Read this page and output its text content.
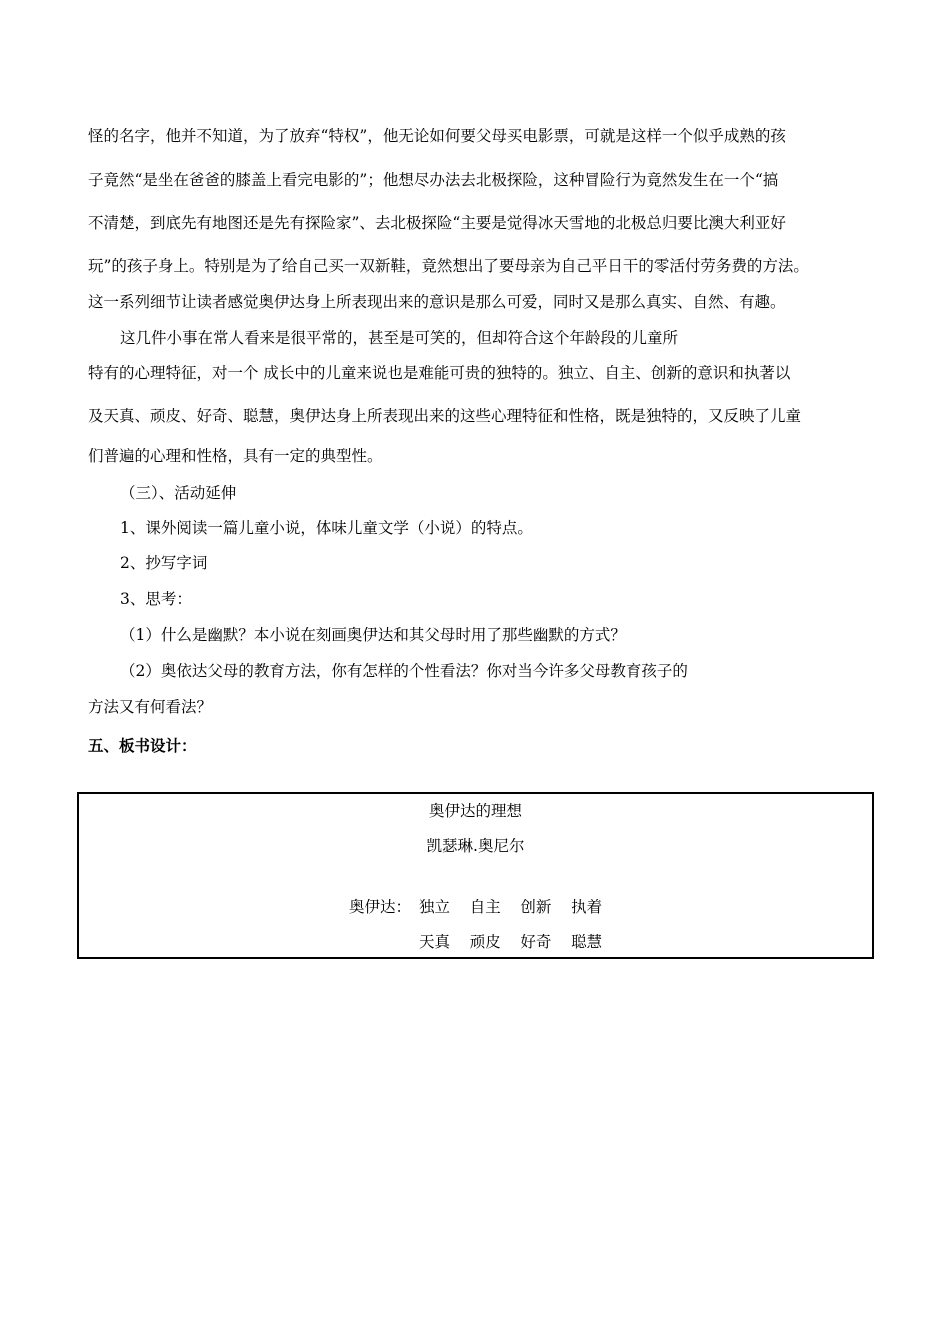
怪的名字，他并不知道，为了放弃“特权”，他无论如何要父母买电影票，可就是这样一个似乎成熟的孩
子竟然“是坐在爸爸的膝盖上看完电影的”；他想尽办法去北极探险，这种冒险行为竟然发生在一个“搞
不清楚，到底先有地图还是先有探险家”、去北极探险“主要是觉得冰天雪地的北极总归要比澳大利亚好
玩”的孩子身上。特别是为了给自己买一双新鞋，竟然想出了要母亲为自己平日干的零活付劳务费的方法。
这一系列细节让读者感觉奥伊达身上所表现出来的意识是那么可爱，同时又是那么真实、自然、有趣。
这几件小事在常人看来是很平常的，甚至是可笑的，但却符合这个年龄段的儿童所
特有的心理特征，对一个 成长中的儿童来说也是难能可贵的独特的。独立、自主、创新的意识和执著以
及天真、顽皮、好奇、聪慧，奥伊达身上所表现出来的这些心理特征和性格，既是独特的，又反映了儿童
们普遍的心理和性格，具有一定的典型性。
（三）、活动延伸
1、课外阅读一篇儿童小说，体味儿童文学（小说）的特点。
2、抄写字词
3、思考：
（1）什么是幽默？本小说在刻画奥伊达和其父母时用了那些幽默的方式？
（2）奥依达父母的教育方法，你有怎样的个性看法？你对当今许多父母教育孩子的
方法又有何看法？
五、板书设计：
奥伊达的理想
凯瑟琳.奥尼尔
奥伊达： 独立    自主    创新    执着
天真    顽皮    好奇    聪慧
